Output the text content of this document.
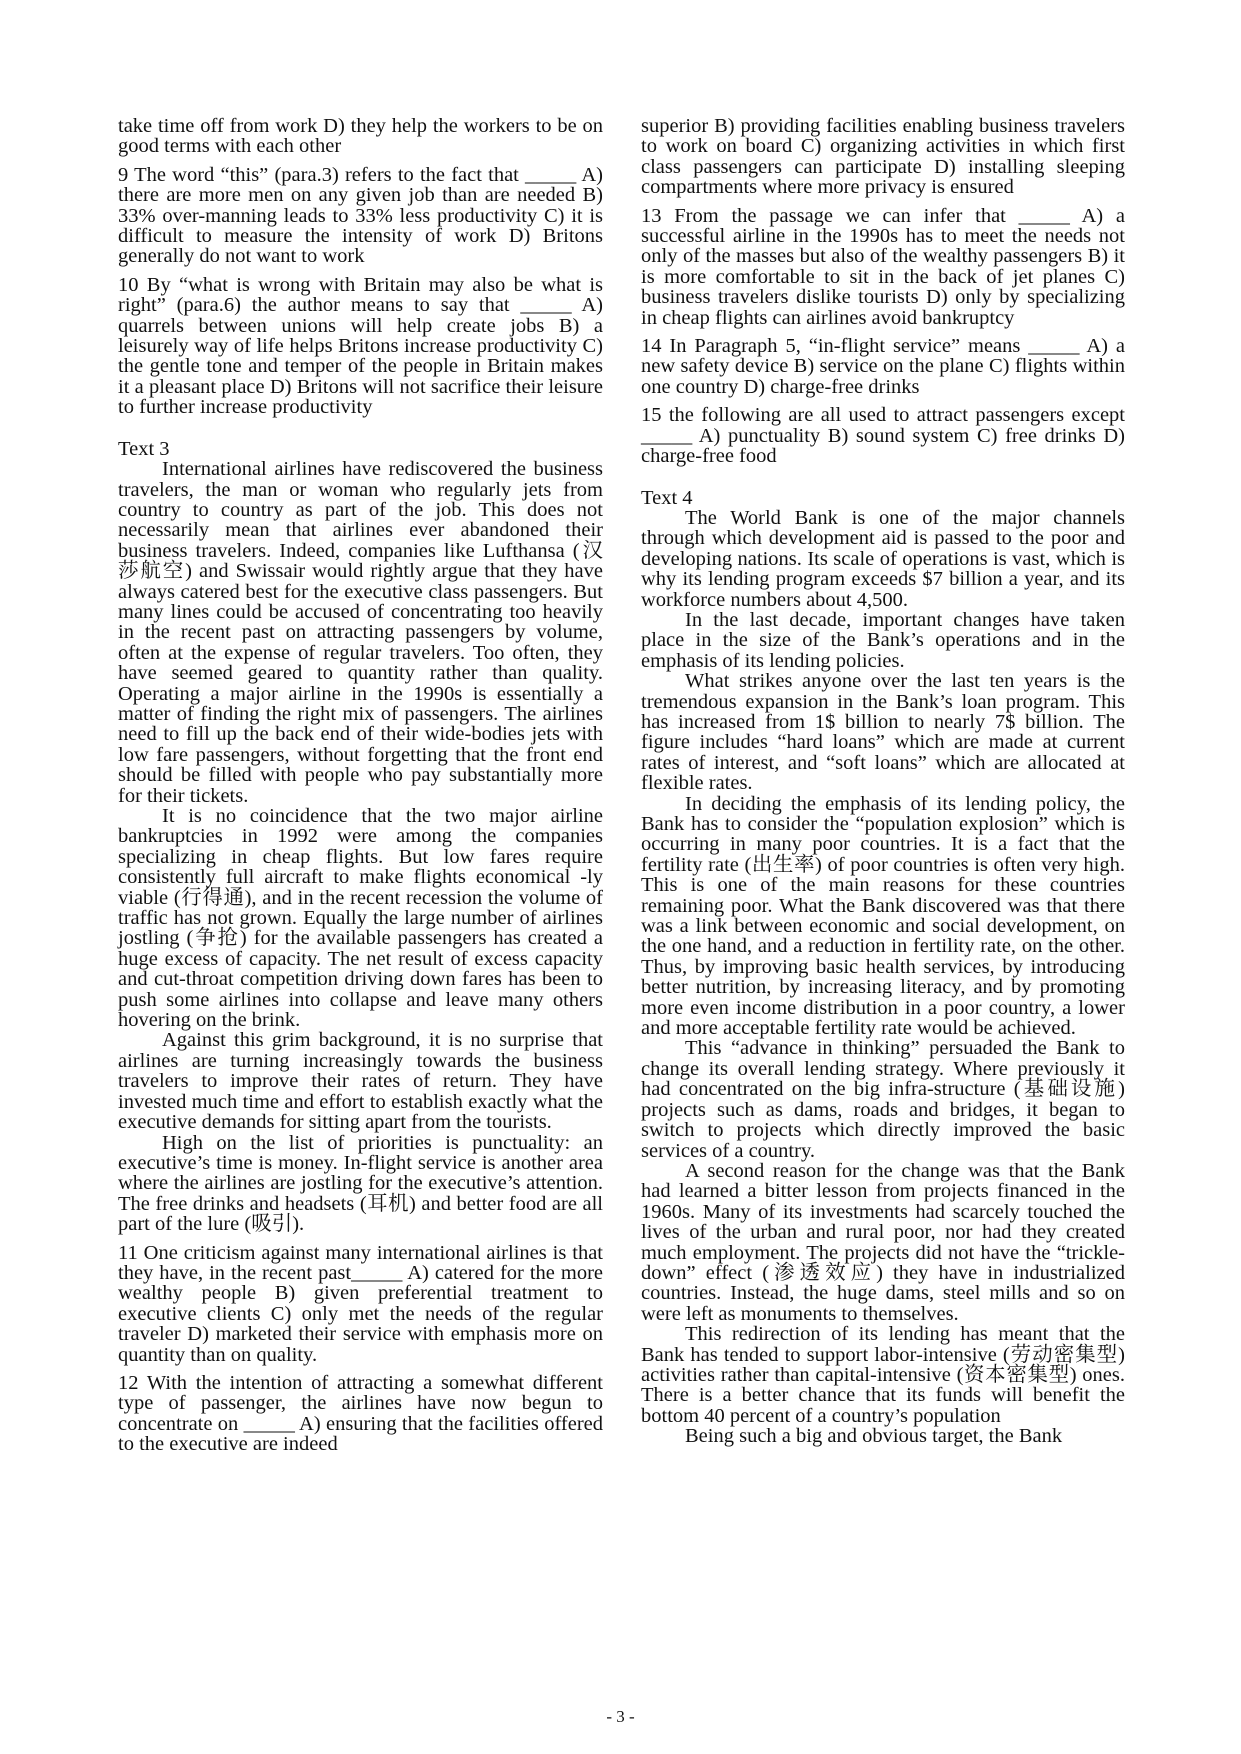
take time off from work D) they help the workers to be on good terms with each other

9 The word “this” (para.3) refers to the fact that _____ A) there are more men on any given job than are needed B) 33% over-manning leads to 33% less productivity C) it is difficult to measure the intensity of work D) Britons generally do not want to work

10 By “what is wrong with Britain may also be what is right” (para.6) the author means to say that _____ A) quarrels between unions will help create jobs B) a leisurely way of life helps Britons increase productivity C) the gentle tone and temper of the people in Britain makes it a pleasant place D) Britons will not sacrifice their leisure to further increase productivity

Text 3

International airlines have rediscovered the business travelers, the man or woman who regularly jets from country to country as part of the job. This does not necessarily mean that airlines ever abandoned their business travelers. Indeed, companies like Lufthansa (汉莎航空) and Swissair would rightly argue that they have always catered best for the executive class passengers. But many lines could be accused of concentrating too heavily in the recent past on attracting passengers by volume, often at the expense of regular travelers. Too often, they have seemed geared to quantity rather than quality. Operating a major airline in the 1990s is essentially a matter of finding the right mix of passengers. The airlines need to fill up the back end of their wide-bodies jets with low fare passengers, without forgetting that the front end should be filled with people who pay substantially more for their tickets.

It is no coincidence that the two major airline bankruptcies in 1992 were among the companies specializing in cheap flights. But low fares require consistently full aircraft to make flights economical -ly viable (行得通), and in the recent recession the volume of traffic has not grown. Equally the large number of airlines jostling (争抢) for the available passengers has created a huge excess of capacity. The net result of excess capacity and cut-throat competition driving down fares has been to push some airlines into collapse and leave many others hovering on the brink.

Against this grim background, it is no surprise that airlines are turning increasingly towards the business travelers to improve their rates of return. They have invested much time and effort to establish exactly what the executive demands for sitting apart from the tourists.

High on the list of priorities is punctuality: an executive’s time is money. In-flight service is another area where the airlines are jostling for the executive’s attention. The free drinks and headsets (耳机) and better food are all part of the lure (吸引).

11 One criticism against many international airlines is that they have, in the recent past_____ A) catered for the more wealthy people B) given preferential treatment to executive clients C) only met the needs of the regular traveler D) marketed their service with emphasis more on quantity than on quality.

12 With the intention of attracting a somewhat different type of passenger, the airlines have now begun to concentrate on _____ A) ensuring that the facilities offered to the executive are indeed

superior B) providing facilities enabling business travelers to work on board C) organizing activities in which first class passengers can participate D) installing sleeping compartments where more privacy is ensured

13 From the passage we can infer that _____ A) a successful airline in the 1990s has to meet the needs not only of the masses but also of the wealthy passengers B) it is more comfortable to sit in the back of jet planes C) business travelers dislike tourists D) only by specializing in cheap flights can airlines avoid bankruptcy

14 In Paragraph 5, “in-flight service” means _____ A) a new safety device B) service on the plane C) flights within one country D) charge-free drinks

15 the following are all used to attract passengers except _____ A) punctuality B) sound system C) free drinks D) charge-free food

Text 4

The World Bank is one of the major channels through which development aid is passed to the poor and developing nations. Its scale of operations is vast, which is why its lending program exceeds $7 billion a year, and its workforce numbers about 4,500.

In the last decade, important changes have taken place in the size of the Bank’s operations and in the emphasis of its lending policies.

What strikes anyone over the last ten years is the tremendous expansion in the Bank’s loan program. This has increased from 1$ billion to nearly 7$ billion. The figure includes “hard loans” which are made at current rates of interest, and “soft loans” which are allocated at flexible rates.

In deciding the emphasis of its lending policy, the Bank has to consider the “population explosion” which is occurring in many poor countries. It is a fact that the fertility rate (出生率) of poor countries is often very high. This is one of the main reasons for these countries remaining poor. What the Bank discovered was that there was a link between economic and social development, on the one hand, and a reduction in fertility rate, on the other. Thus, by improving basic health services, by introducing better nutrition, by increasing literacy, and by promoting more even income distribution in a poor country, a lower and more acceptable fertility rate would be achieved.

This “advance in thinking” persuaded the Bank to change its overall lending strategy. Where previously it had concentrated on the big infra-structure (基础设施) projects such as dams, roads and bridges, it began to switch to projects which directly improved the basic services of a country.

A second reason for the change was that the Bank had learned a bitter lesson from projects financed in the 1960s. Many of its investments had scarcely touched the lives of the urban and rural poor, nor had they created much employment. The projects did not have the “trickle-down” effect (渗透效应) they have in industrialized countries. Instead, the huge dams, steel mills and so on were left as monuments to themselves.

This redirection of its lending has meant that the Bank has tended to support labor-intensive (劳动密集型) activities rather than capital-intensive (资本密集型) ones. There is a better chance that its funds will benefit the bottom 40 percent of a country’s population

Being such a big and obvious target, the Bank

- 3 -
